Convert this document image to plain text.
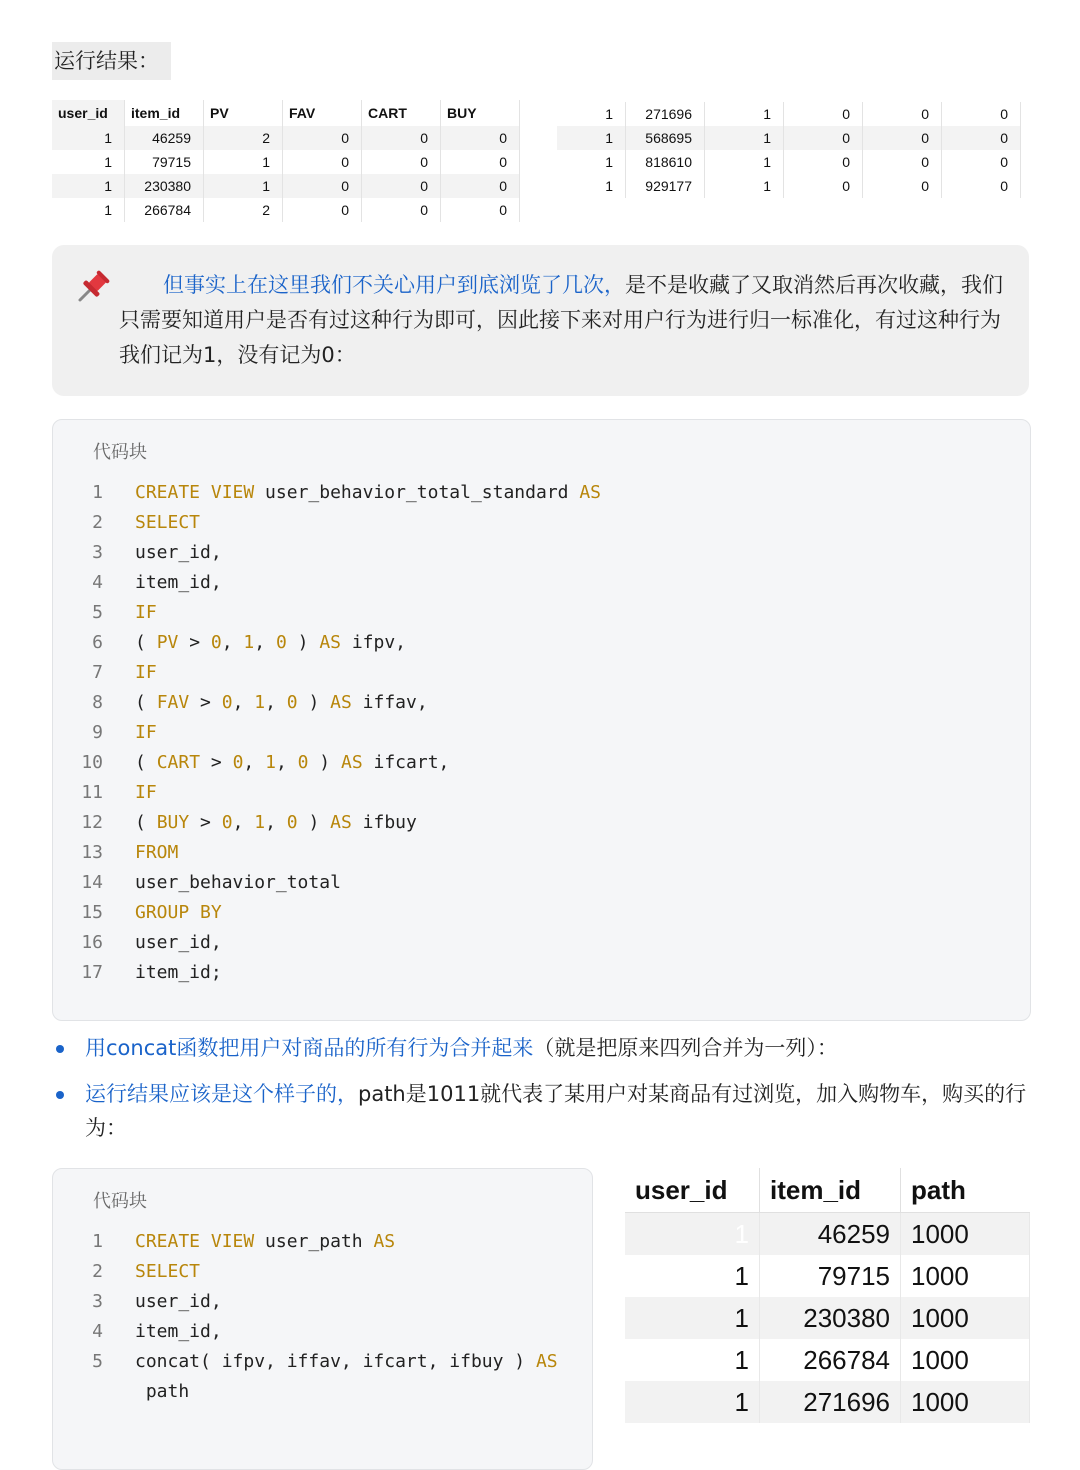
运行结果：
user_id	item_id	PV	FAV	CART	BUY
1	46259	2	0	0	0
1	79715	1	0	0	0
1	230380	1	0	0	0
1	266784	2	0	0	0
1	271696	1	0	0	0
1	568695	1	0	0	0
1	818610	1	0	0	0
1	929177	1	0	0	0
但事实上在这里我们不关心用户到底浏览了几次，是不是收藏了又取消然后再次收藏，我们只需要知道用户是否有过这种行为即可，因此接下来对用户行为进行归一标准化，有过这种行为我们记为1，没有记为0：
代码块
1 CREATE VIEW user_behavior_total_standard AS
2 SELECT
3 user_id,
4 item_id,
5 IF
6 ( PV > 0, 1, 0 ) AS ifpv,
7 IF
8 ( FAV > 0, 1, 0 ) AS iffav,
9 IF
10 ( CART > 0, 1, 0 ) AS ifcart,
11 IF
12 ( BUY > 0, 1, 0 ) AS ifbuy
13 FROM
14 user_behavior_total
15 GROUP BY
16 user_id,
17 item_id;
用concat函数把用户对商品的所有行为合并起来（就是把原来四列合并为一列）：
运行结果应该是这个样子的，path是1011就代表了某用户对某商品有过浏览，加入购物车，购买的行为：
代码块
1 CREATE VIEW user_path AS
2 SELECT
3 user_id,
4 item_id,
5 concat( ifpv, iffav, ifcart, ifbuy ) AS
path
user_id	item_id	path
1	46259	1000
1	79715	1000
1	230380	1000
1	266784	1000
1	271696	1000
